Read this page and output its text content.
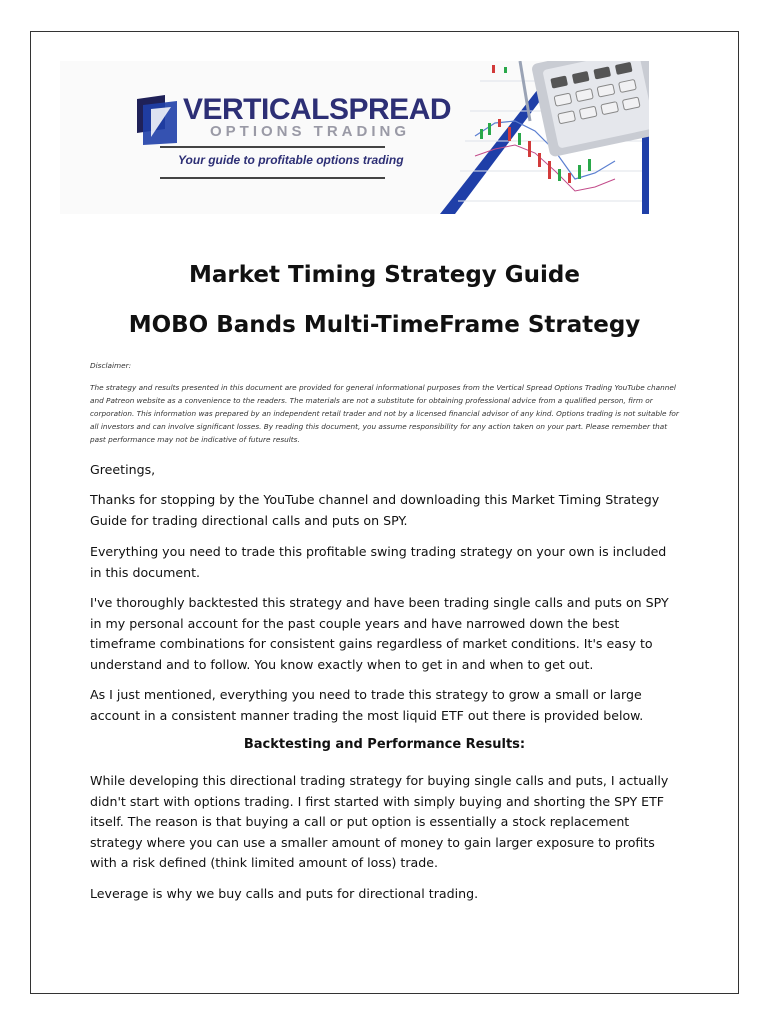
VERTICALSPREAD
OPTIONS TRADING
Your guide to profitable options trading
Market Timing Strategy Guide
MOBO Bands Multi-TimeFrame Strategy
Disclaimer:
The strategy and results presented in this document are provided for general informational purposes from the Vertical Spread Options Trading YouTube channel and Patreon website as a convenience to the readers. The materials are not a substitute for obtaining professional advice from a qualified person, firm or corporation. This information was prepared by an independent retail trader and not by a licensed financial advisor of any kind. Options trading is not suitable for all investors and can involve significant losses. By reading this document, you assume responsibility for any action taken on your part. Please remember that past performance may not be indicative of future results.
Greetings,
Thanks for stopping by the YouTube channel and downloading this Market Timing Strategy Guide for trading directional calls and puts on SPY.
Everything you need to trade this profitable swing trading strategy on your own is included in this document.
I've thoroughly backtested this strategy and have been trading single calls and puts on SPY in my personal account for the past couple years and have narrowed down the best timeframe combinations for consistent gains regardless of market conditions. It's easy to understand and to follow. You know exactly when to get in and when to get out.
As I just mentioned, everything you need to trade this strategy to grow a small or large account in a consistent manner trading the most liquid ETF out there is provided below.
Backtesting and Performance Results:
While developing this directional trading strategy for buying single calls and puts, I actually didn't start with options trading. I first started with simply buying and shorting the SPY ETF itself. The reason is that buying a call or put option is essentially a stock replacement strategy where you can use a smaller amount of money to gain larger exposure to profits with a risk defined (think limited amount of loss) trade.
Leverage is why we buy calls and puts for directional trading.
